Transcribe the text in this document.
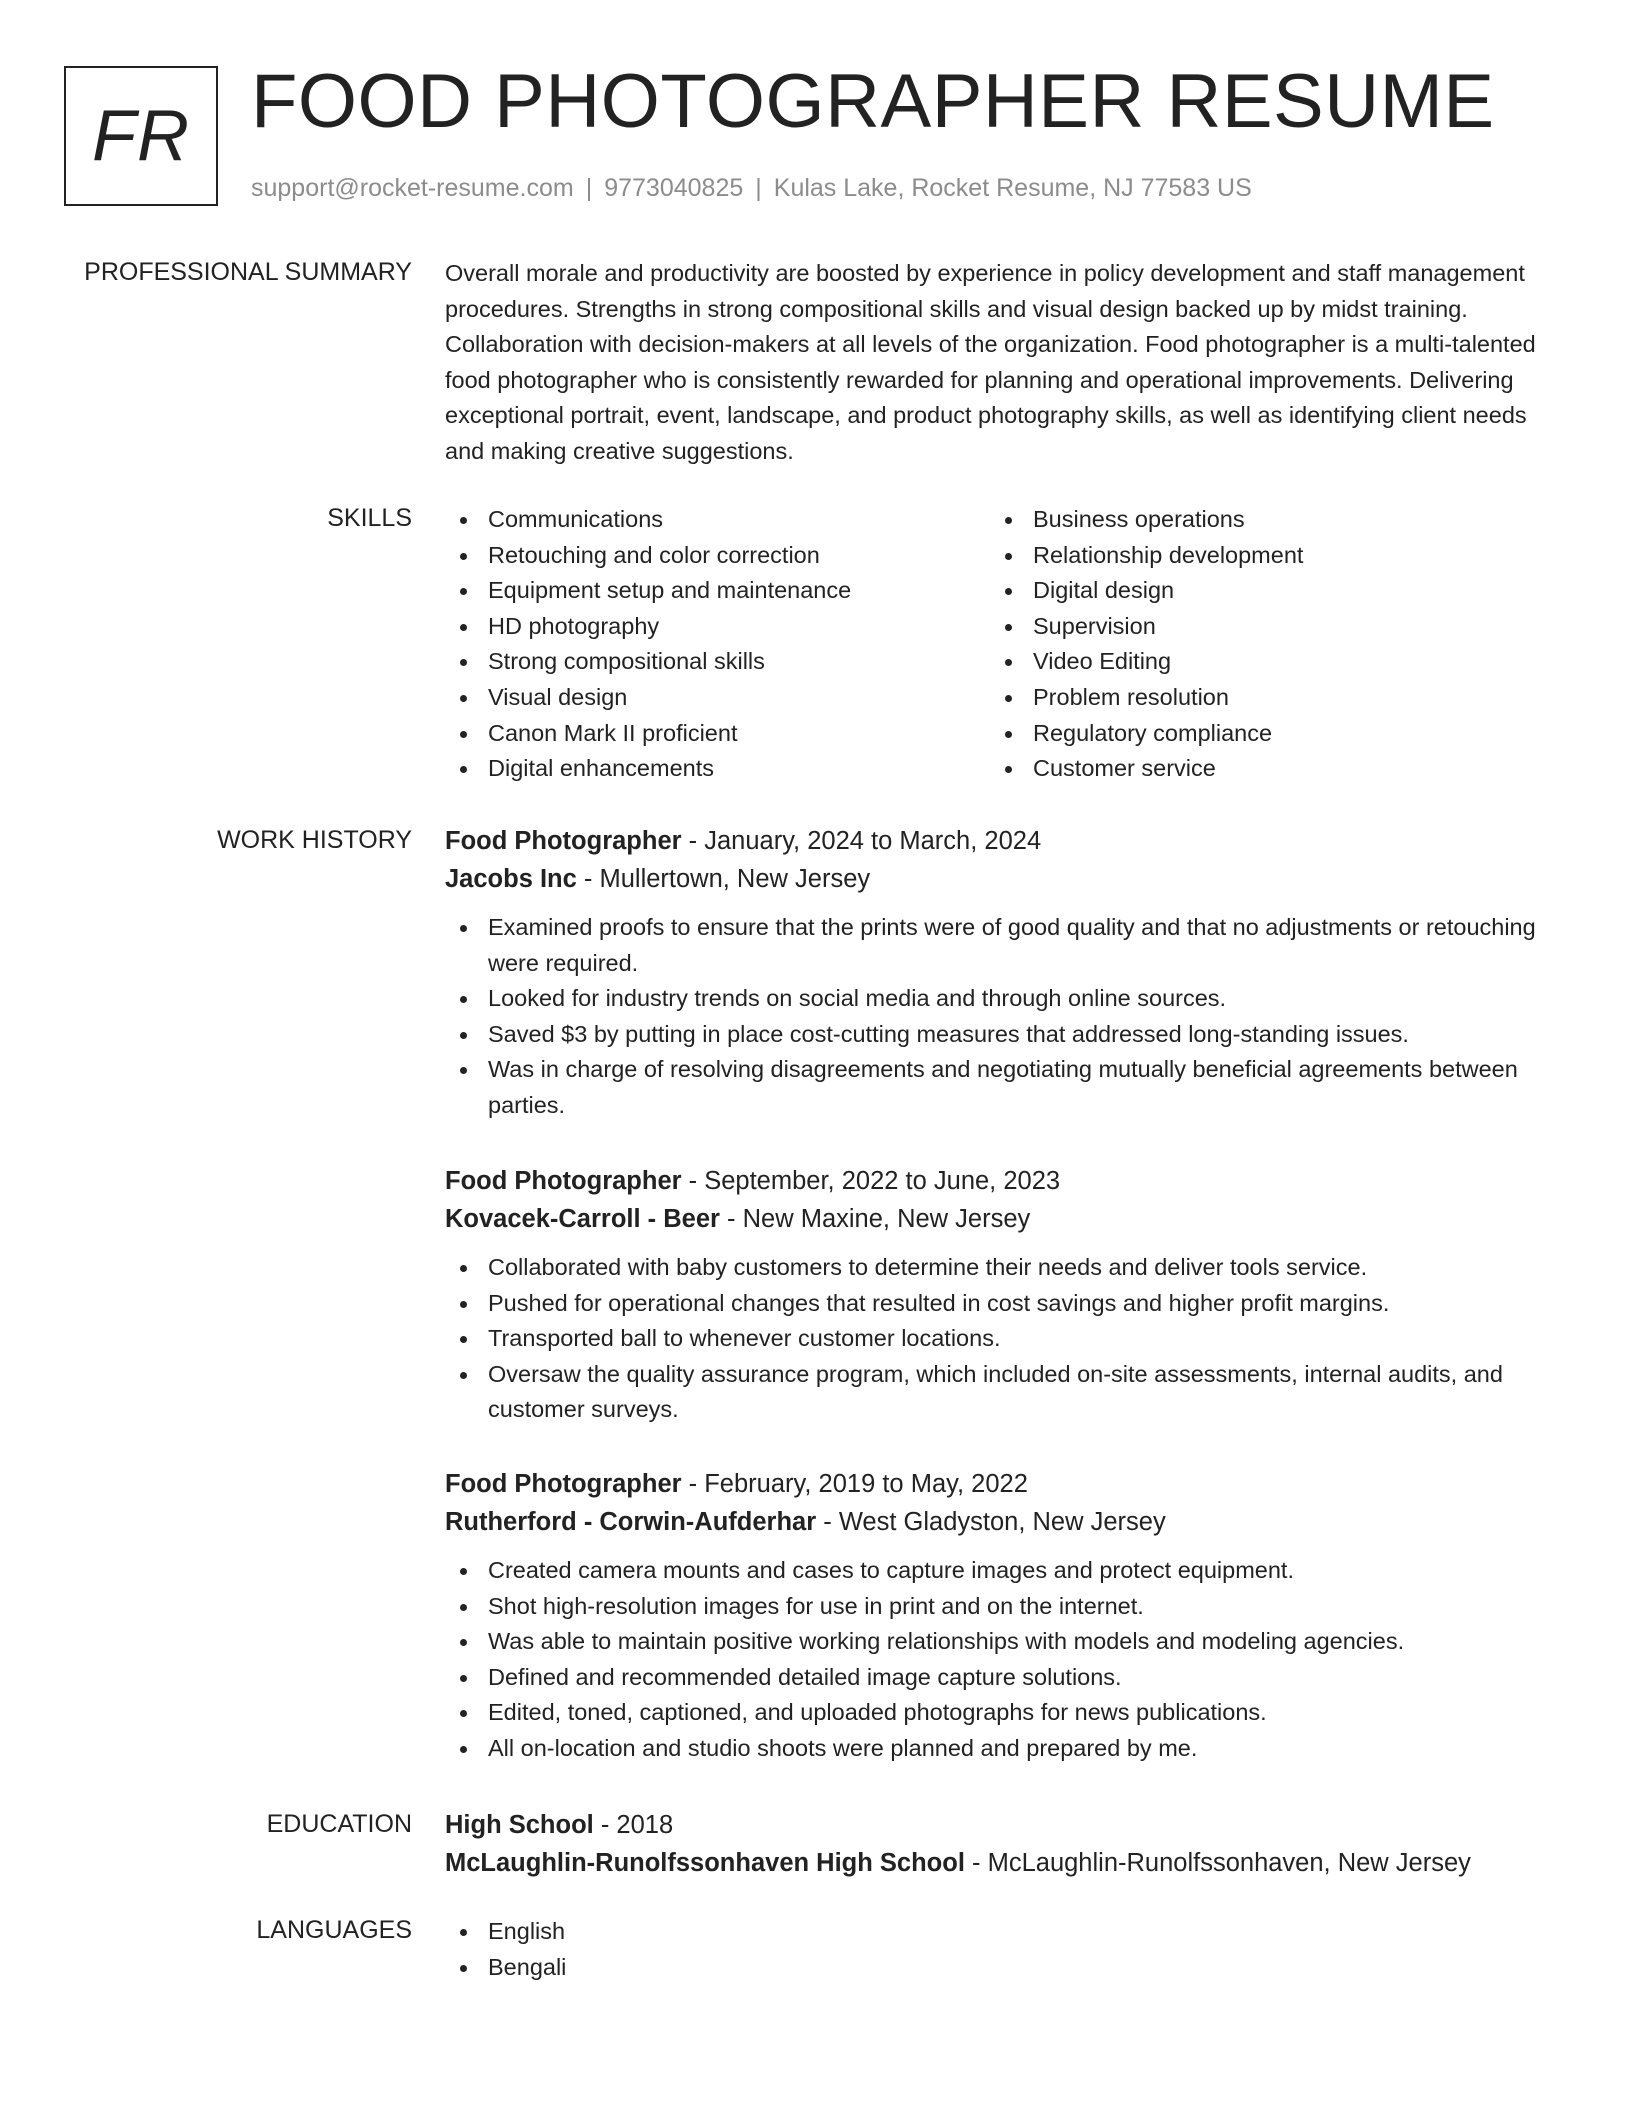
FR FOOD PHOTOGRAPHER RESUME
support@rocket-resume.com | 9773040825 | Kulas Lake, Rocket Resume, NJ 77583 US
PROFESSIONAL SUMMARY Overall morale and productivity are boosted by experience in policy development and staff management procedures. Strengths in strong compositional skills and visual design backed up by midst training. Collaboration with decision-makers at all levels of the organization. Food photographer is a multi-talented food photographer who is consistently rewarded for planning and operational improvements. Delivering exceptional portrait, event, landscape, and product photography skills, as well as identifying client needs and making creative suggestions.

SKILLS	Communications
Retouching and color correction
Equipment setup and maintenance
HD photography
Strong compositional skills
Visual design
Canon Mark II proficient
Digital enhancements
Business operations
Relationship development
Digital design
Supervision
Video Editing
Problem resolution
Regulatory compliance
Customer service
WORK HISTORY Food Photographer - January, 2024 to March, 2024
Jacobs Inc - Mullertown, New Jersey
Examined proofs to ensure that the prints were of good quality and that no adjustments or retouching were required.
Looked for industry trends on social media and through online sources.
Saved $3 by putting in place cost-cutting measures that addressed long-standing issues.
Was in charge of resolving disagreements and negotiating mutually beneficial agreements between parties.
Food Photographer - September, 2022 to June, 2023
Kovacek-Carroll - Beer - New Maxine, New Jersey
Collaborated with baby customers to determine their needs and deliver tools service.
Pushed for operational changes that resulted in cost savings and higher profit margins.
Transported ball to whenever customer locations.
Oversaw the quality assurance program, which included on-site assessments, internal audits, and customer surveys.
Food Photographer - February, 2019 to May, 2022
Rutherford - Corwin-Aufderhar - West Gladyston, New Jersey
Created camera mounts and cases to capture images and protect equipment.
Shot high-resolution images for use in print and on the internet.
Was able to maintain positive working relationships with models and modeling agencies.
Defined and recommended detailed image capture solutions.
Edited, toned, captioned, and uploaded photographs for news publications.
All on-location and studio shoots were planned and prepared by me.
EDUCATION High School - 2018
McLaughlin-Runolfssonhaven High School - McLaughlin-Runolfssonhaven, New Jersey
LANGUAGES	English
Bengali
